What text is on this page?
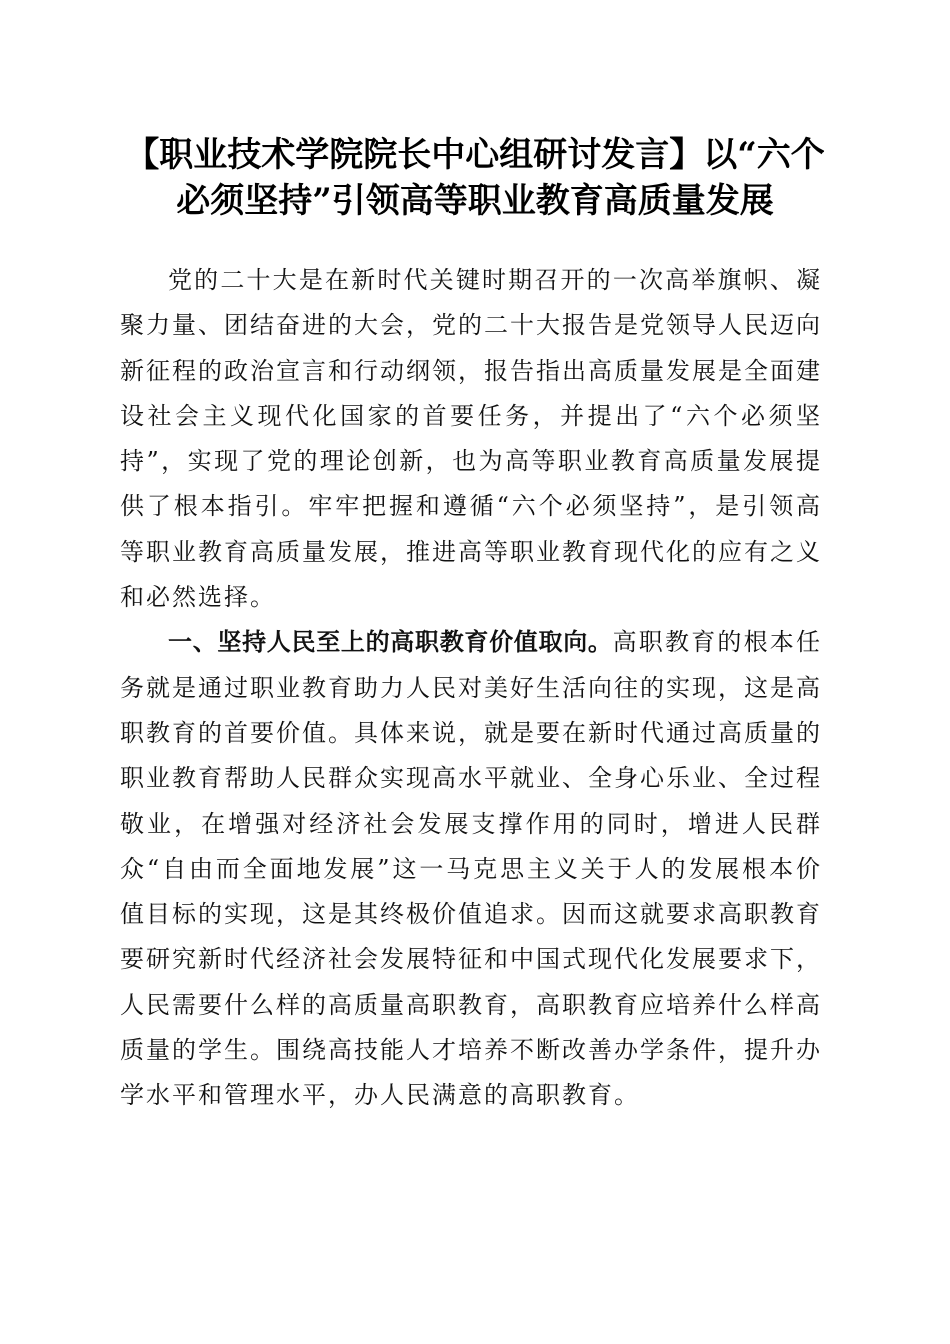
【职业技术学院院长中心组研讨发言】以“六个必须坚持”引领高等职业教育高质量发展

党的二十大是在新时代关键时期召开的一次高举旗帜、凝聚力量、团结奋进的大会，党的二十大报告是党领导人民迈向新征程的政治宣言和行动纲领，报告指出高质量发展是全面建设社会主义现代化国家的首要任务，并提出了“六个必须坚持”，实现了党的理论创新，也为高等职业教育高质量发展提供了根本指引。牢牢把握和遵循“六个必须坚持”，是引领高等职业教育高质量发展，推进高等职业教育现代化的应有之义和必然选择。

一、坚持人民至上的高职教育价值取向。高职教育的根本任务就是通过职业教育助力人民对美好生活向往的实现，这是高职教育的首要价值。具体来说，就是要在新时代通过高质量的职业教育帮助人民群众实现高水平就业、全身心乐业、全过程敬业，在增强对经济社会发展支撑作用的同时，增进人民群众“自由而全面地发展”这一马克思主义关于人的发展根本价值目标的实现，这是其终极价值追求。因而这就要求高职教育要研究新时代经济社会发展特征和中国式现代化发展要求下，人民需要什么样的高质量高职教育，高职教育应培养什么样高质量的学生。围绕高技能人才培养不断改善办学条件，提升办学水平和管理水平，办人民满意的高职教育。
